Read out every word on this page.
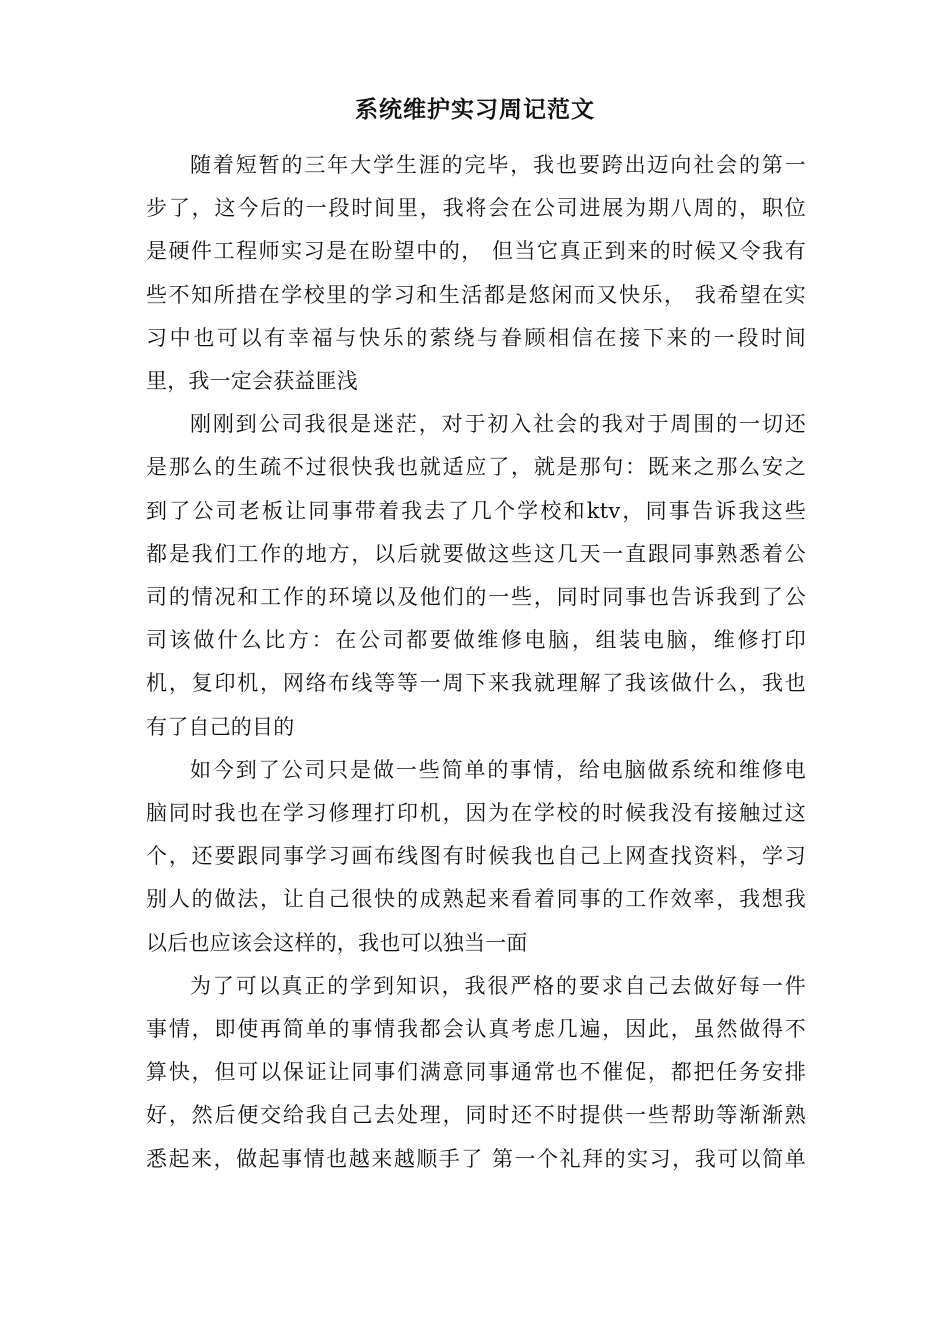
系统维护实习周记范文
随着短暂的三年大学生涯的完毕，我也要跨出迈向社会的第一
步了，这今后的一段时间里，我将会在公司进展为期八周的，职位
是硬件工程师实习是在盼望中的， 但当它真正到来的时候又令我有
些不知所措在学校里的学习和生活都是悠闲而又快乐， 我希望在实
习中也可以有幸福与快乐的萦绕与眷顾相信在接下来的一段时间
里，我一定会获益匪浅
刚刚到公司我很是迷茫，对于初入社会的我对于周围的一切还
是那么的生疏不过很快我也就适应了，就是那句：既来之那么安之
到了公司老板让同事带着我去了几个学校和ktv，同事告诉我这些
都是我们工作的地方，以后就要做这些这几天一直跟同事熟悉着公
司的情况和工作的环境以及他们的一些，同时同事也告诉我到了公
司该做什么比方：在公司都要做维修电脑，组装电脑，维修打印
机，复印机，网络布线等等一周下来我就理解了我该做什么，我也
有了自己的目的
如今到了公司只是做一些简单的事情，给电脑做系统和维修电
脑同时我也在学习修理打印机，因为在学校的时候我没有接触过这
个，还要跟同事学习画布线图有时候我也自己上网查找资料，学习
别人的做法，让自己很快的成熟起来看着同事的工作效率，我想我
以后也应该会这样的，我也可以独当一面
为了可以真正的学到知识，我很严格的要求自己去做好每一件
事情，即使再简单的事情我都会认真考虑几遍，因此，虽然做得不
算快，但可以保证让同事们满意同事通常也不催促，都把任务安排
好，然后便交给我自己去处理，同时还不时提供一些帮助等渐渐熟
悉起来，做起事情也越来越顺手了 第一个礼拜的实习，我可以简单
